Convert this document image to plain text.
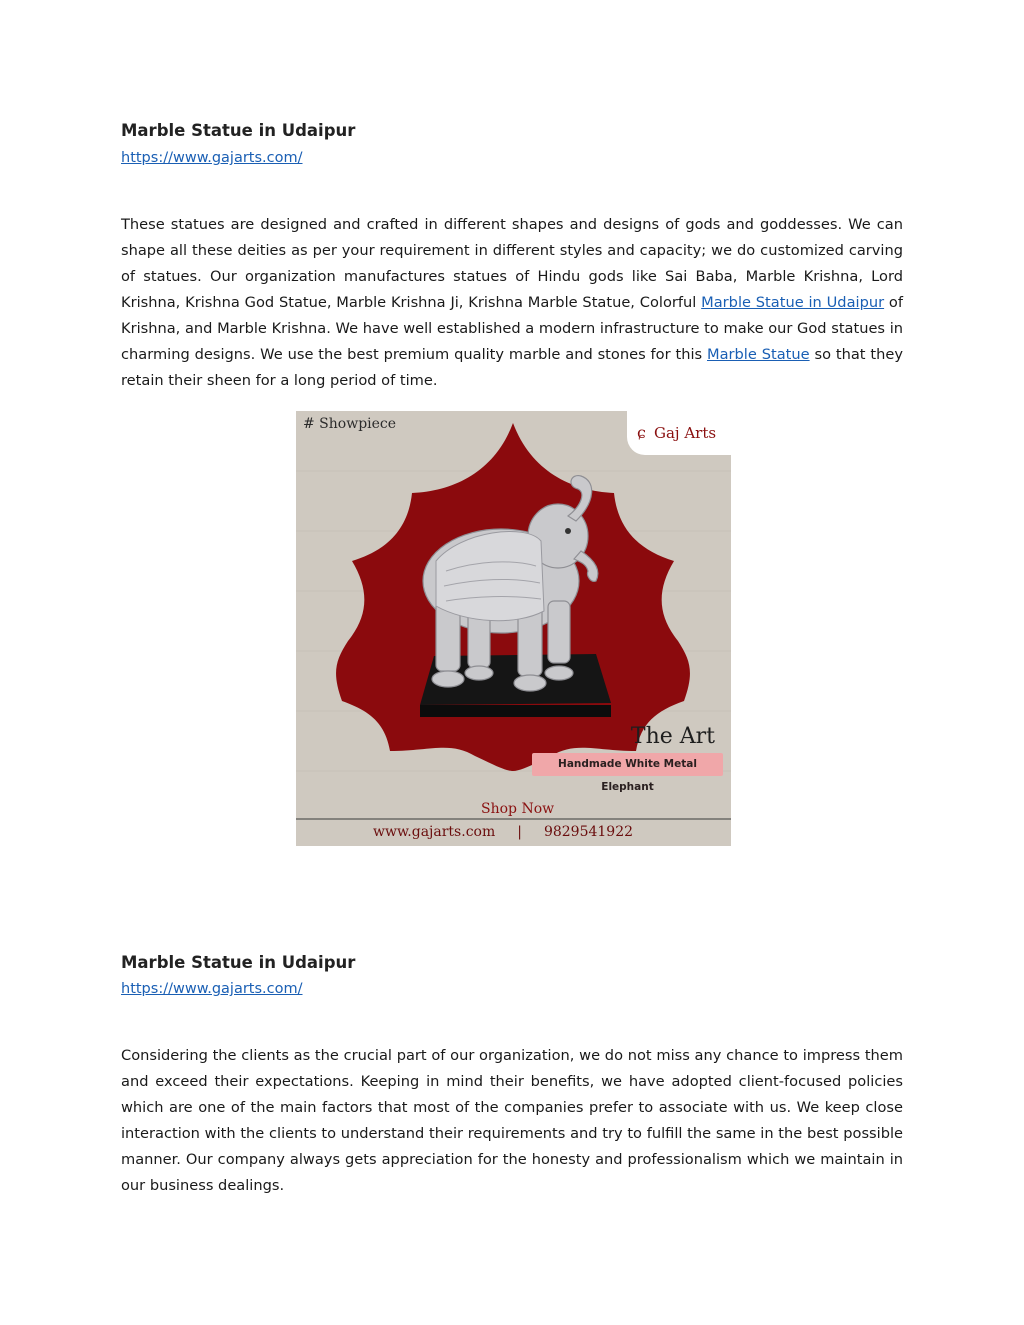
Marble Statue in Udaipur
https://www.gajarts.com/

These statues are designed and crafted in different shapes and designs of gods and goddesses. We can shape all these deities as per your requirement in different styles and capacity; we do customized carving of statues. Our organization manufactures statues of Hindu gods like Sai Baba, Marble Krishna, Lord Krishna, Krishna God Statue, Marble Krishna Ji, Krishna Marble Statue, Colorful Marble Statue in Udaipur of Krishna, and Marble Krishna. We have well established a modern infrastructure to make our God statues in charming designs. We use the best premium quality marble and stones for this Marble Statue so that they retain their sheen for a long period of time.

# Showpiece	ɕ Gaj Arts
The Art
Handmade White Metal Elephant
Shop Now
www.gajarts.com | 9829541922
Marble Statue in Udaipur
https://www.gajarts.com/

Considering the clients as the crucial part of our organization, we do not miss any chance to impress them and exceed their expectations. Keeping in mind their benefits, we have adopted client-focused policies which are one of the main factors that most of the companies prefer to associate with us. We keep close interaction with the clients to understand their requirements and try to fulfill the same in the best possible manner. Our company always gets appreciation for the honesty and professionalism which we maintain in our business dealings.
